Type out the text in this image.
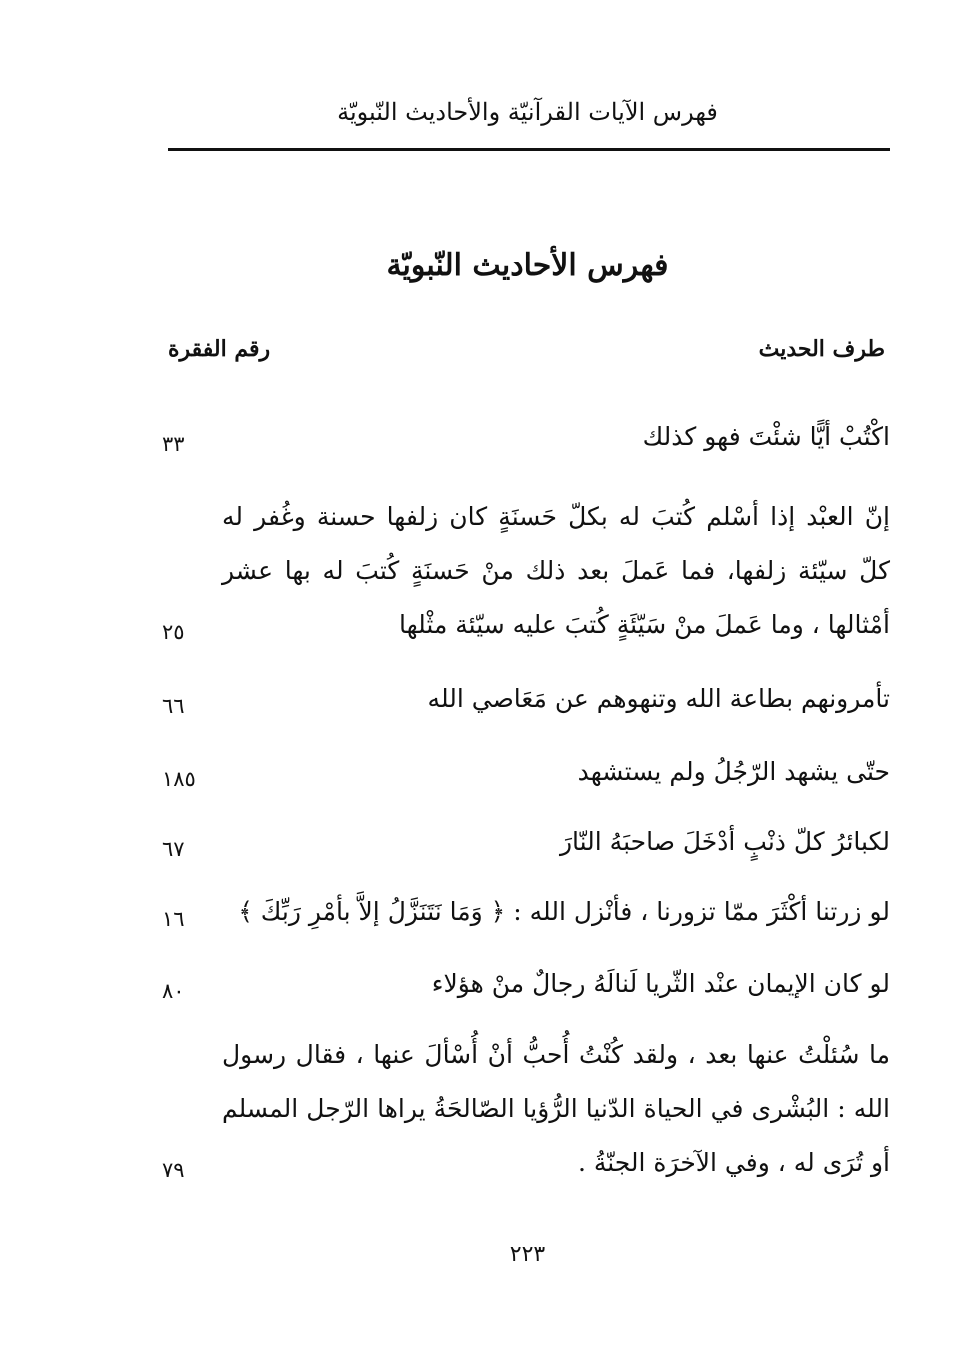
فهرس الآيات القرآنيّة والأحاديث النّبويّة
فهرس الأحاديث النّبويّة
طرف الحديث
رقم الفقرة
اكْتُبْ أيًّا شئْتَ فهو كذلك
٣٣
إنّ العبْد إذا أسْلم كُتبَ له بكلّ حَسنَةٍ كان زلفها حسنة وغُفر له كلّ سيّئة زلفها، فما عَملَ بعد ذلك منْ حَسنَةٍ كُتبَ له بها عشر أمْثالها ، وما عَملَ منْ سَيّئَةٍ كُتبَ عليه سيّئة مثْلها
٢٥
تأمرونهم بطاعة الله وتنهوهم عن مَعَاصي الله
٦٦
حتّى يشهد الرّجُلُ ولم يستشهد
١٨٥
لكبائرُ كلّ ذنْبٍ أدْخَلَ صاحبَهُ النّارَ
٦٧
لو زرتنا أكْثَرَ ممّا تزورنا ، فأنْزل الله : ﴿ وَمَا نَتَنَزَّلُ إلاَّ بأمْرِ رَبِّكَ ﴾
١٦
لو كان الإيمان عنْد الثّريا لَنالَهُ رجالٌ منْ هؤلاء
٨٠
ما سُئلْتُ عنها بعد ، ولقد كُنْتُ أُحبُّ أنْ أُسْألَ عنها ، فقال رسول الله : البُشْرى في الحياة الدّنيا الرُّؤيا الصّالحَةُ يراها الرّجل المسلم أو تُرَى له ، وفي الآخرَة الجنّةُ .
٧٩
٢٢٣
